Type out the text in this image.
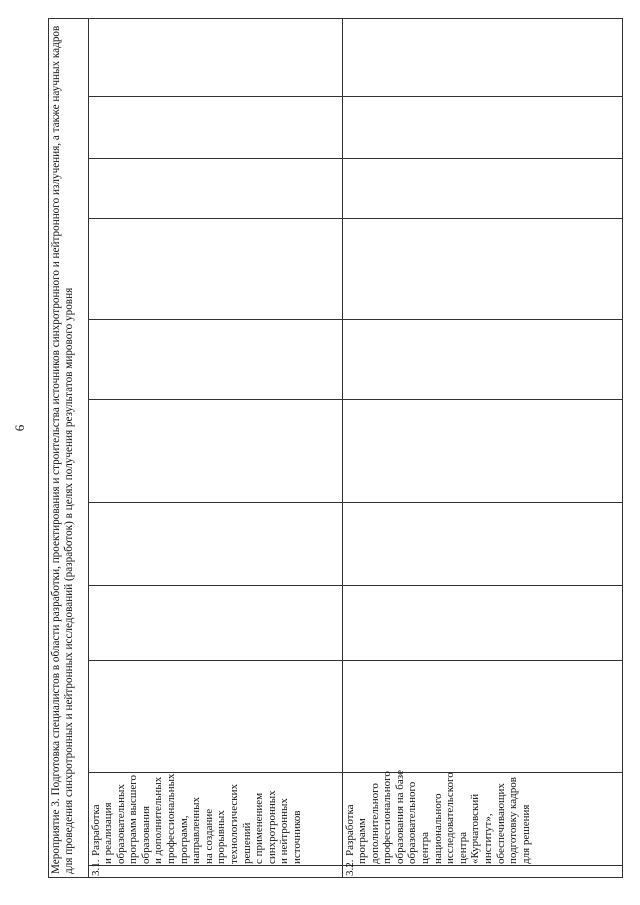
6 Мероприятие 3. Подготовка специалистов в области разработки, проектирования и строительства источников синхротронного и нейтронного излучения, а также научных кадров для проведения синхротронных и нейтронных исследований (разработок) в целях получения результатов мирового уровня 3.1.
Разработка и реализация образовательных программ высшего образования и дополнительных профессиональных программ, направленных на создание прорывных технологических решений с применением синхротронных и нейтронных источников
3.2.
Разработка программ дополнительного профессионального образования на базе образовательного центра национального исследовательского центра «Курчатовский институт», обеспечивающих подготовку кадров для решения
